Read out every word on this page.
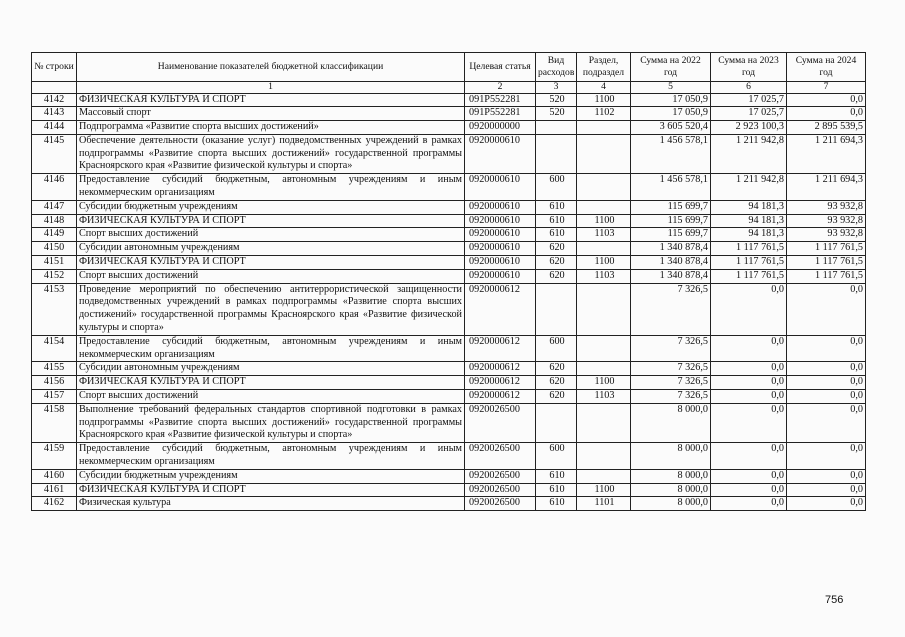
№ строки	Наименование показателей бюджетной классификации	Целевая статья	Вид расходов	Раздел, подраздел	Сумма на 2022 год	Сумма на 2023 год	Сумма на 2024 год
	1	2	3	4	5	6	7
4142	ФИЗИЧЕСКАЯ КУЛЬТУРА И СПОРТ	091P552281	520	1100	17 050,9	17 025,7	0,0
4143	Массовый спорт	091P552281	520	1102	17 050,9	17 025,7	0,0
4144	Подпрограмма «Развитие спорта высших достижений»	0920000000			3 605 520,4	2 923 100,3	2 895 539,5
4145	Обеспечение деятельности (оказание услуг) подведомственных учреждений в рамках подпрограммы «Развитие спорта высших достижений» государственной программы Красноярского края «Развитие физической культуры и спорта»	0920000610			1 456 578,1	1 211 942,8	1 211 694,3
4146	Предоставление субсидий бюджетным, автономным учреждениям и иным некоммерческим организациям	0920000610	600		1 456 578,1	1 211 942,8	1 211 694,3
4147	Субсидии бюджетным учреждениям	0920000610	610		115 699,7	94 181,3	93 932,8
4148	ФИЗИЧЕСКАЯ КУЛЬТУРА И СПОРТ	0920000610	610	1100	115 699,7	94 181,3	93 932,8
4149	Спорт высших достижений	0920000610	610	1103	115 699,7	94 181,3	93 932,8
4150	Субсидии автономным учреждениям	0920000610	620		1 340 878,4	1 117 761,5	1 117 761,5
4151	ФИЗИЧЕСКАЯ КУЛЬТУРА И СПОРТ	0920000610	620	1100	1 340 878,4	1 117 761,5	1 117 761,5
4152	Спорт высших достижений	0920000610	620	1103	1 340 878,4	1 117 761,5	1 117 761,5
4153	Проведение мероприятий по обеспечению антитеррористической защищенности подведомственных учреждений в рамках подпрограммы «Развитие спорта высших достижений» государственной программы Красноярского края «Развитие физической культуры и спорта»	0920000612			7 326,5	0,0	0,0
4154	Предоставление субсидий бюджетным, автономным учреждениям и иным некоммерческим организациям	0920000612	600		7 326,5	0,0	0,0
4155	Субсидии автономным учреждениям	0920000612	620		7 326,5	0,0	0,0
4156	ФИЗИЧЕСКАЯ КУЛЬТУРА И СПОРТ	0920000612	620	1100	7 326,5	0,0	0,0
4157	Спорт высших достижений	0920000612	620	1103	7 326,5	0,0	0,0
4158	Выполнение требований федеральных стандартов спортивной подготовки в рамках подпрограммы «Развитие спорта высших достижений» государственной программы Красноярского края «Развитие физической культуры и спорта»	0920026500			8 000,0	0,0	0,0
4159	Предоставление субсидий бюджетным, автономным учреждениям и иным некоммерческим организациям	0920026500	600		8 000,0	0,0	0,0
4160	Субсидии бюджетным учреждениям	0920026500	610		8 000,0	0,0	0,0
4161	ФИЗИЧЕСКАЯ КУЛЬТУРА И СПОРТ	0920026500	610	1100	8 000,0	0,0	0,0
4162	Физическая культура	0920026500	610	1101	8 000,0	0,0	0,0
756
